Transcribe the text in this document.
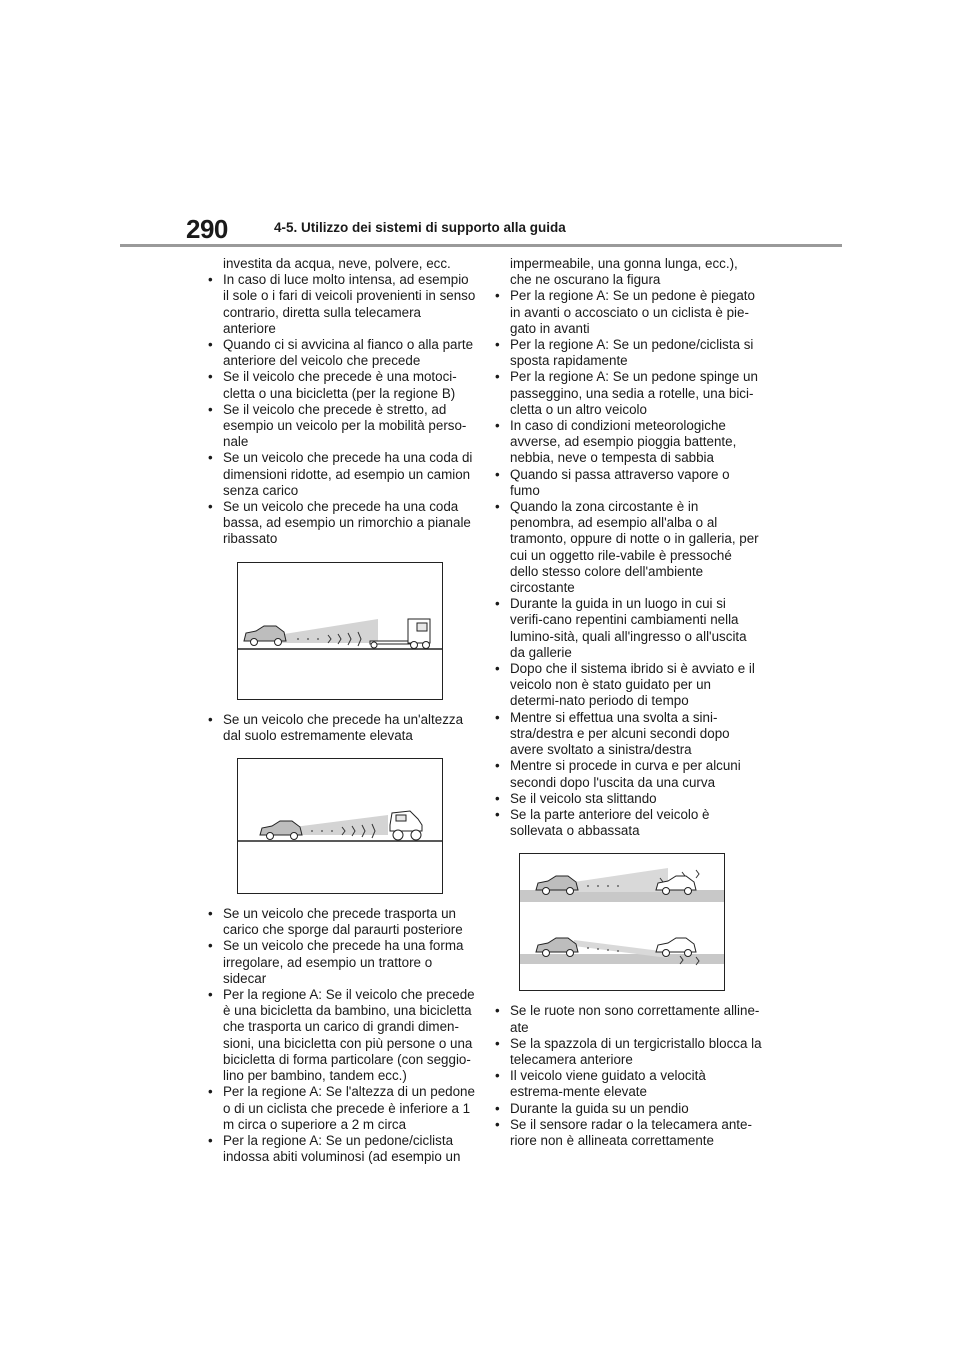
290	4-5. Utilizzo dei sistemi di supporto alla guida
investita da acqua, neve, polvere, ecc.
• In caso di luce molto intensa, ad esempio il sole o i fari di veicoli provenienti in senso contrario, diretta sulla telecamera anteriore
• Quando ci si avvicina al fianco o alla parte anteriore del veicolo che precede
• Se il veicolo che precede è una motoci-cletta o una bicicletta (per la regione B)
• Se il veicolo che precede è stretto, ad esempio un veicolo per la mobilità perso-nale
• Se un veicolo che precede ha una coda di dimensioni ridotte, ad esempio un camion senza carico
• Se un veicolo che precede ha una coda bassa, ad esempio un rimorchio a pianale ribassato
• Se un veicolo che precede ha un'altezza dal suolo estremamente elevata
• Se un veicolo che precede trasporta un carico che sporge dal paraurti posteriore
• Se un veicolo che precede ha una forma irregolare, ad esempio un trattore o sidecar
• Per la regione A: Se il veicolo che precede è una bicicletta da bambino, una bicicletta che trasporta un carico di grandi dimen-sioni, una bicicletta con più persone o una bicicletta di forma particolare (con seggio-lino per bambino, tandem ecc.)
• Per la regione A: Se l'altezza di un pedone o di un ciclista che precede è inferiore a 1 m circa o superiore a 2 m circa
• Per la regione A: Se un pedone/ciclista indossa abiti voluminosi (ad esempio un
impermeabile, una gonna lunga, ecc.), che ne oscurano la figura
• Per la regione A: Se un pedone è piegato in avanti o accosciato o un ciclista è pie-gato in avanti
• Per la regione A: Se un pedone/ciclista si sposta rapidamente
• Per la regione A: Se un pedone spinge un passeggino, una sedia a rotelle, una bici-cletta o un altro veicolo
• In caso di condizioni meteorologiche avverse, ad esempio pioggia battente, nebbia, neve o tempesta di sabbia
• Quando si passa attraverso vapore o fumo
• Quando la zona circostante è in penombra, ad esempio all'alba o al tramonto, oppure di notte o in galleria, per cui un oggetto rile-vabile è pressoché dello stesso colore dell'ambiente circostante
• Durante la guida in un luogo in cui si verifi-cano repentini cambiamenti nella lumino-sità, quali all'ingresso o all'uscita da gallerie
• Dopo che il sistema ibrido si è avviato e il veicolo non è stato guidato per un determi-nato periodo di tempo
• Mentre si effettua una svolta a sini-stra/destra e per alcuni secondi dopo avere svoltato a sinistra/destra
• Mentre si procede in curva e per alcuni secondi dopo l'uscita da una curva
• Se il veicolo sta slittando
• Se la parte anteriore del veicolo è sollevata o abbassata
• Se le ruote non sono correttamente alline-ate
• Se la spazzola di un tergicristallo blocca la telecamera anteriore
• Il veicolo viene guidato a velocità estrema-mente elevate
• Durante la guida su un pendio
• Se il sensore radar o la telecamera ante-riore non è allineata correttamente
